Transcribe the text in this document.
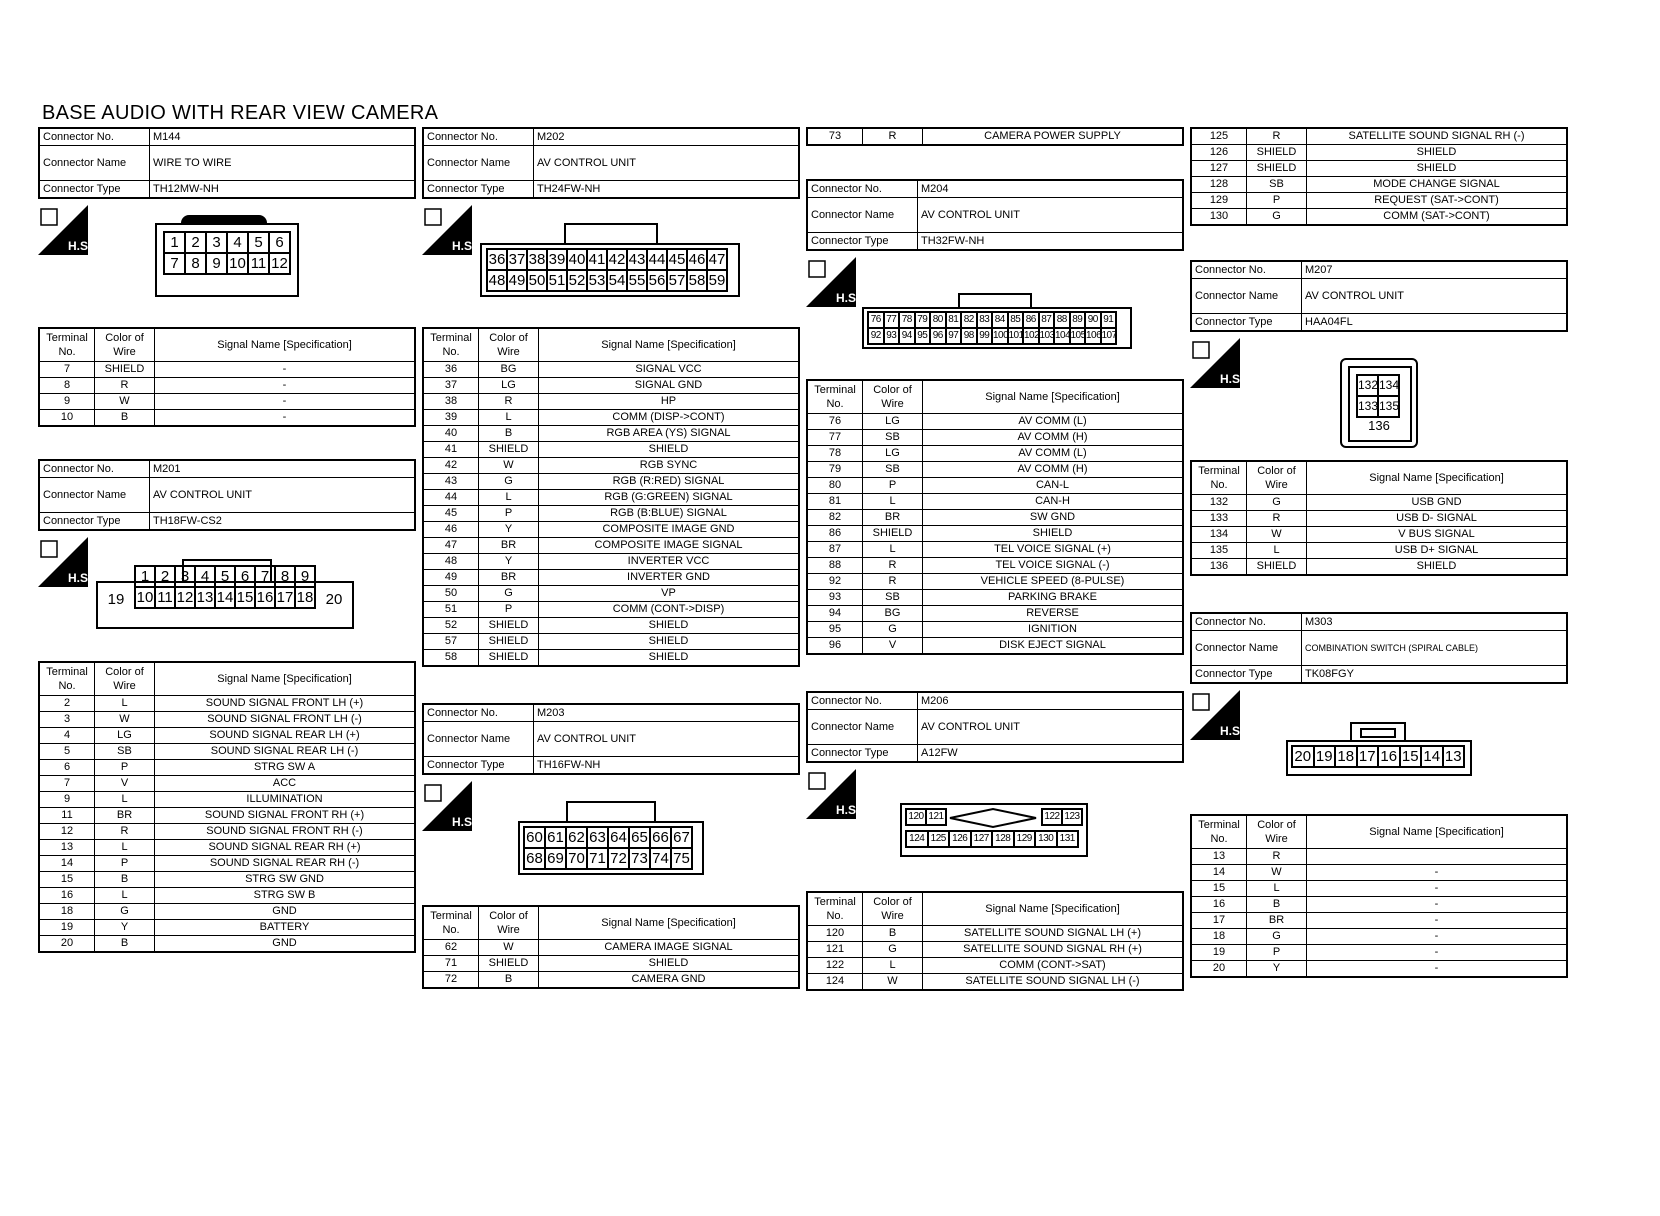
BASE AUDIO WITH REAR VIEW CAMERA
Connector No.	M144
Connector Name	WIRE TO WIRE
Connector Type	TH12MW-NH
H.S.	1 2 3 4 5 6
7 8 9 10 11 12
Terminal No.	Color of Wire	Signal Name [Specification]
7	SHIELD	-
8	R	-
9	W	-
10	B	-
Connector No.	M201
Connector Name	AV CONTROL UNIT
Connector Type	TH18FW-CS2
H.S.
19	20
1 2 3 4 5 6 7 8 9
10 11 12 13 14 15 16 17 18
Terminal No.	Color of Wire	Signal Name [Specification]
2	L	SOUND SIGNAL FRONT LH (+)
3	W	SOUND SIGNAL FRONT LH (-)
4	LG	SOUND SIGNAL REAR LH (+)
5	SB	SOUND SIGNAL REAR LH (-)
6	P	STRG SW A
7	V	ACC
9	L	ILLUMINATION
11	BR	SOUND SIGNAL FRONT RH (+)
12	R	SOUND SIGNAL FRONT RH (-)
13	L	SOUND SIGNAL REAR RH (+)
14	P	SOUND SIGNAL REAR RH (-)
15	B	STRG SW GND
16	L	STRG SW B
18	G	GND
19	Y	BATTERY
20	B	GND
Connector No.	M202
Connector Name	AV CONTROL UNIT
Connector Type	TH24FW-NH
H.S.
36 37 38 39 40 41 42 43 44 45 46 47
48 49 50 51 52 53 54 55 56 57 58 59
Terminal No.	Color of Wire	Signal Name [Specification]
36	BG	SIGNAL VCC
37	LG	SIGNAL GND
38	R	HP
39	L	COMM (DISP->CONT)
40	B	RGB AREA (YS) SIGNAL
41	SHIELD	SHIELD
42	W	RGB SYNC
43	G	RGB (R:RED) SIGNAL
44	L	RGB (G:GREEN) SIGNAL
45	P	RGB (B:BLUE) SIGNAL
46	Y	COMPOSITE IMAGE GND
47	BR	COMPOSITE IMAGE SIGNAL
48	Y	INVERTER VCC
49	BR	INVERTER GND
50	G	VP
51	P	COMM (CONT->DISP)
52	SHIELD	SHIELD
57	SHIELD	SHIELD
58	SHIELD	SHIELD
Connector No.	M203
Connector Name	AV CONTROL UNIT
Connector Type	TH16FW-NH
H.S.
60 61 62 63 64 65 66 67
68 69 70 71 72 73 74 75
Terminal No.	Color of Wire	Signal Name [Specification]
62	W	CAMERA IMAGE SIGNAL
71	SHIELD	SHIELD
72	B	CAMERA GND
73	R	CAMERA POWER SUPPLY
Connector No.	M204
Connector Name	AV CONTROL UNIT
Connector Type	TH32FW-NH
H.S.
76 77 78 79 80 81 82 83 84 85 86 87 88 89 90 91
92 93 94 95 96 97 98 99 100 101 102 103 104 105 106 107
Terminal No.	Color of Wire	Signal Name [Specification]
76	LG	AV COMM (L)
77	SB	AV COMM (H)
78	LG	AV COMM (L)
79	SB	AV COMM (H)
80	P	CAN-L
81	L	CAN-H
82	BR	SW GND
86	SHIELD	SHIELD
87	L	TEL VOICE SIGNAL (+)
88	R	TEL VOICE SIGNAL (-)
92	R	VEHICLE SPEED (8-PULSE)
93	SB	PARKING BRAKE
94	BG	REVERSE
95	G	IGNITION
96	V	DISK EJECT SIGNAL
Connector No.	M206
Connector Name	AV CONTROL UNIT
Connector Type	A12FW
H.S.	120 121	122 123
124 125 126 127 128 129 130 131
Terminal No.	Color of Wire	Signal Name [Specification]
120	B	SATELLITE SOUND SIGNAL LH (+)
121	G	SATELLITE SOUND SIGNAL RH (+)
122	L	COMM (CONT->SAT)
124	W	SATELLITE SOUND SIGNAL LH (-)
125	R	SATELLITE SOUND SIGNAL RH (-)
126	SHIELD	SHIELD
127	SHIELD	SHIELD
128	SB	MODE CHANGE SIGNAL
129	P	REQUEST (SAT->CONT)
130	G	COMM (SAT->CONT)
Connector No.	M207
Connector Name	AV CONTROL UNIT
Connector Type	HAA04FL
H.S.	132 134
133 135
136
Terminal No.	Color of Wire	Signal Name [Specification]
132	G	USB GND
133	R	USB D- SIGNAL
134	W	V BUS SIGNAL
135	L	USB D+ SIGNAL
136	SHIELD	SHIELD
Connector No.	M303
Connector Name	COMBINATION SWITCH (SPIRAL CABLE)
Connector Type	TK08FGY
H.S.
20 19 18 17 16 15 14 13
Terminal No.	Color of Wire	Signal Name [Specification]
13	R	
14	W	-
15	L	-
16	B	-
17	BR	-
18	G	-
19	P	-
20	Y	-
